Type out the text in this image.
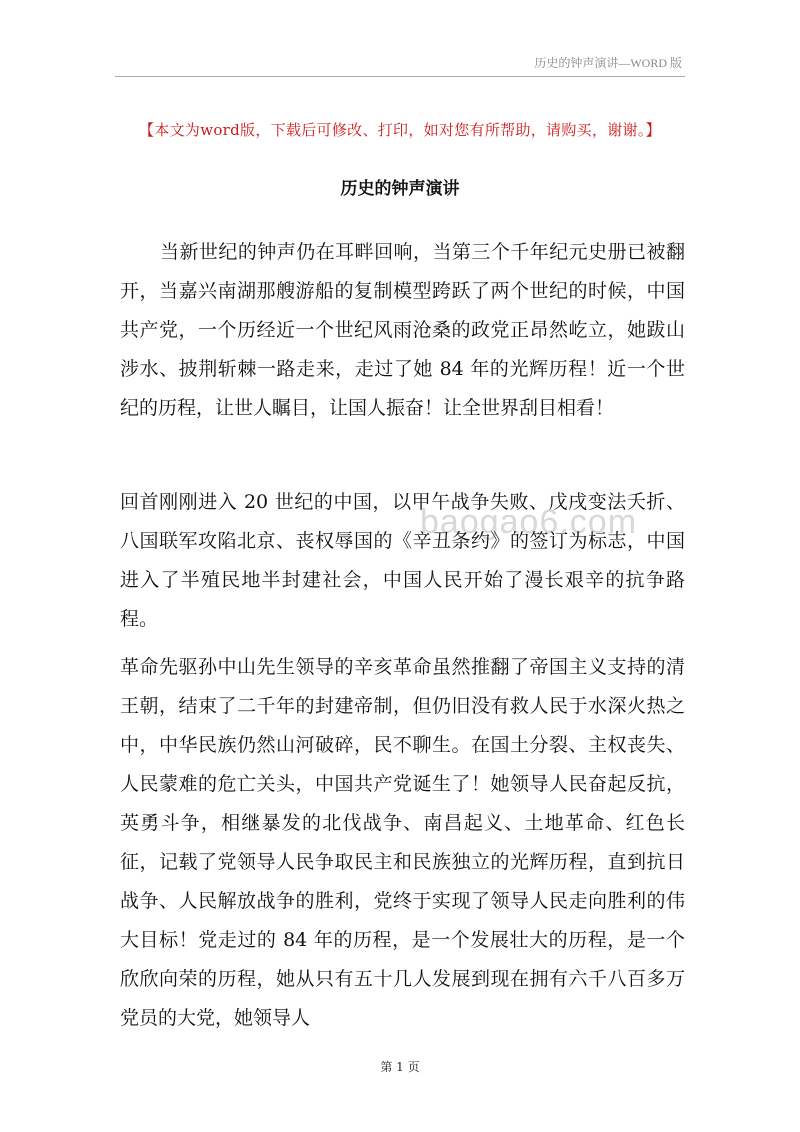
历史的钟声演讲—WORD 版
【本文为word版，下载后可修改、打印，如对您有所帮助，请购买，谢谢。】
历史的钟声演讲
baogao6.com

当新世纪的钟声仍在耳畔回响，当第三个千年纪元史册已被翻开，当嘉兴南湖那艘游船的复制模型跨跃了两个世纪的时候，中国共产党，一个历经近一个世纪风雨沧桑的政党正昂然屹立，她跋山涉水、披荆斩棘一路走来，走过了她 84 年的光辉历程！近一个世纪的历程，让世人瞩目，让国人振奋！让全世界刮目相看！

回首刚刚进入 20 世纪的中国，以甲午战争失败、戊戌变法夭折、八国联军攻陷北京、丧权辱国的《辛丑条约》的签订为标志，中国进入了半殖民地半封建社会，中国人民开始了漫长艰辛的抗争路程。

革命先驱孙中山先生领导的辛亥革命虽然推翻了帝国主义支持的清王朝，结束了二千年的封建帝制，但仍旧没有救人民于水深火热之中，中华民族仍然山河破碎，民不聊生。在国土分裂、主权丧失、人民蒙难的危亡关头，中国共产党诞生了！她领导人民奋起反抗，英勇斗争，相继暴发的北伐战争、南昌起义、土地革命、红色长征，记载了党领导人民争取民主和民族独立的光辉历程，直到抗日战争、人民解放战争的胜利，党终于实现了领导人民走向胜利的伟大目标！党走过的 84 年的历程，是一个发展壮大的历程，是一个欣欣向荣的历程，她从只有五十几人发展到现在拥有六千八百多万党员的大党，她领导人

第 1 页
